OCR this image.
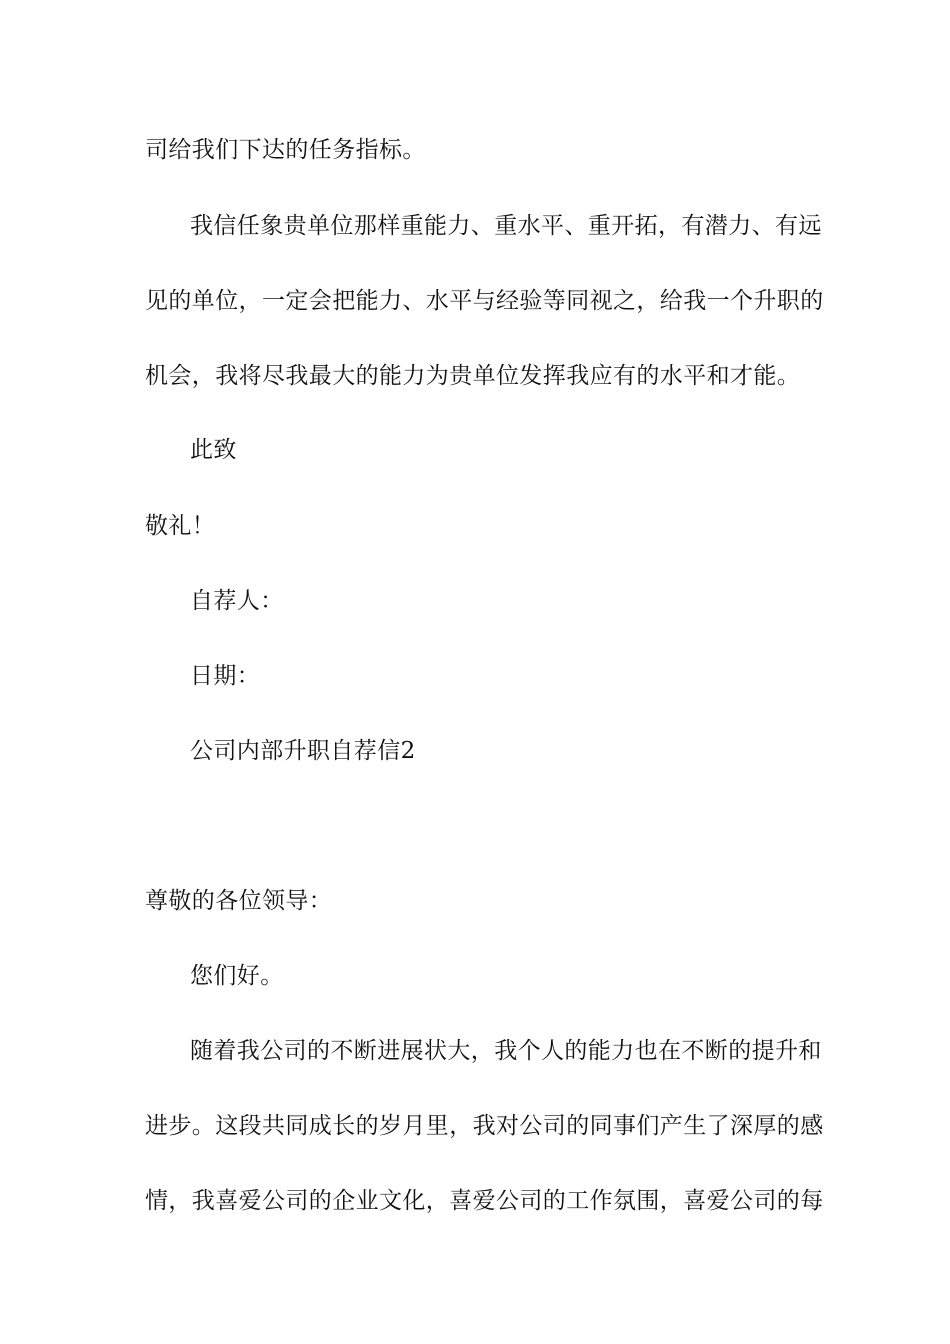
司给我们下达的任务指标。
我信任象贵单位那样重能力、重水平、重开拓，有潜力、有远
见的单位，一定会把能力、水平与经验等同视之，给我一个升职的
机会，我将尽我最大的能力为贵单位发挥我应有的水平和才能。
此致
敬礼！
自荐人：
日期：
公司内部升职自荐信2
尊敬的各位领导：
您们好。
随着我公司的不断进展状大，我个人的能力也在不断的提升和
进步。这段共同成长的岁月里，我对公司的同事们产生了深厚的感
情，我喜爱公司的企业文化，喜爱公司的工作氛围，喜爱公司的每
